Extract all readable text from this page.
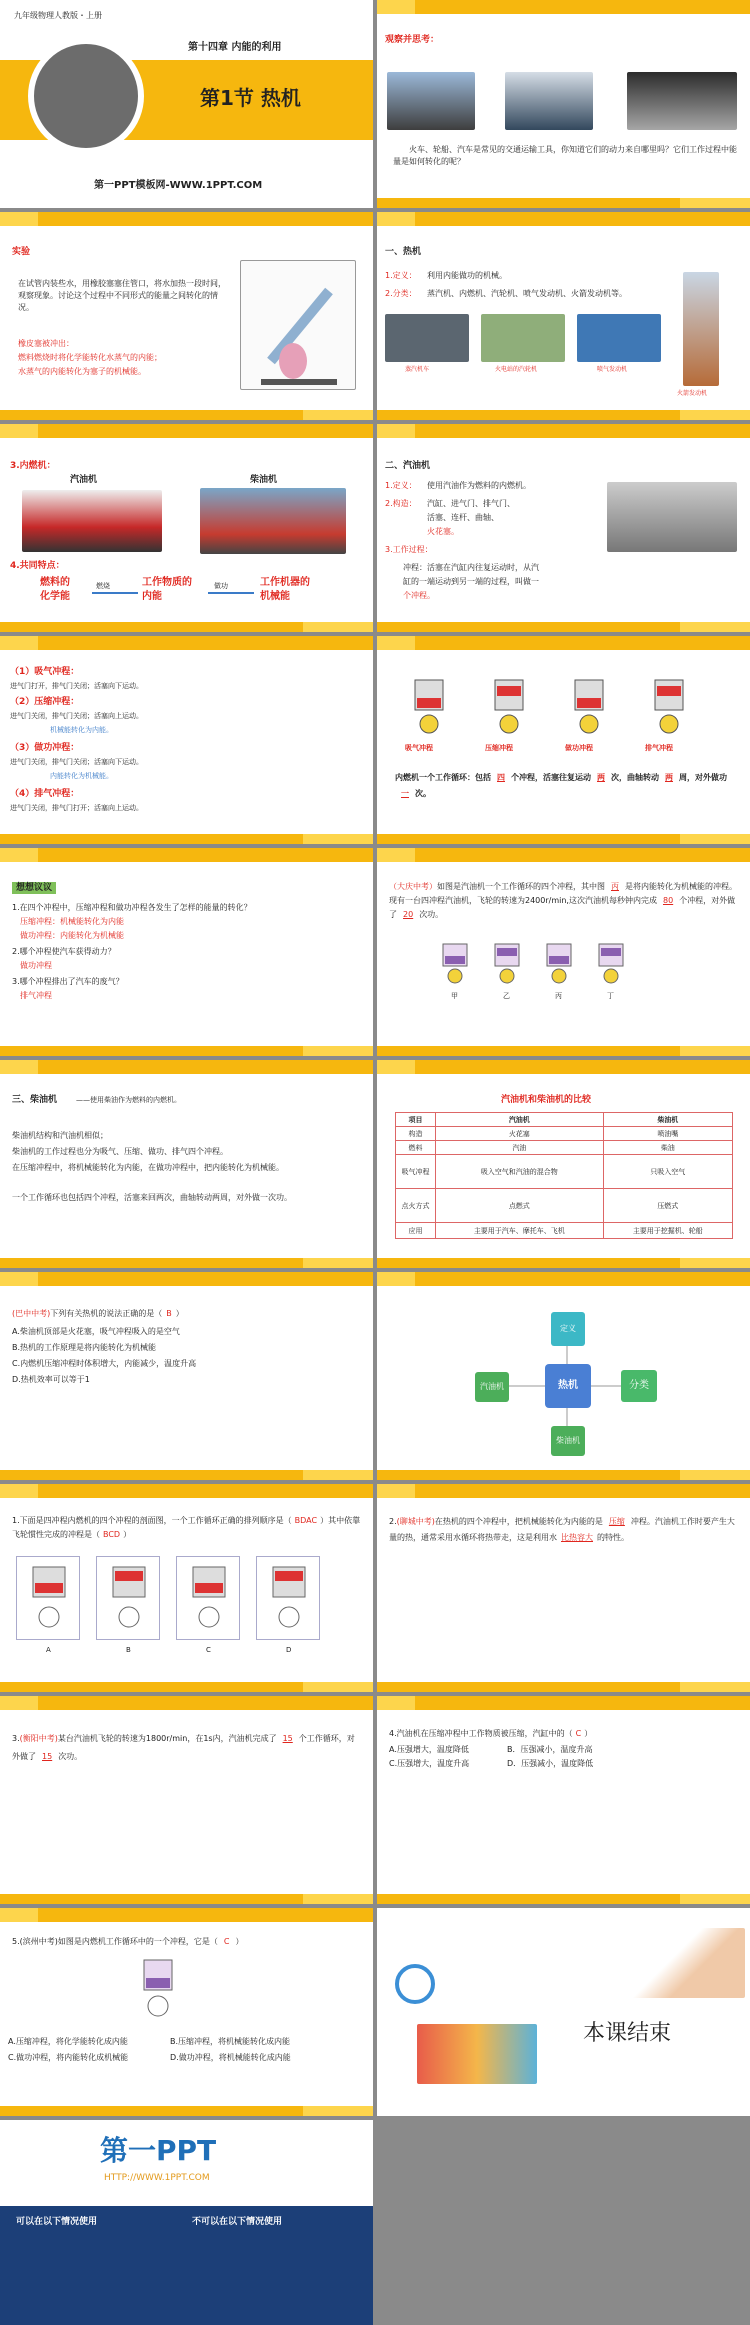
九年级物理人教版・上册
第十四章 内能的利用
第1节 热机
第一PPT模板网-WWW.1PPT.COM
观察并思考：
火车、轮船、汽车是常见的交通运输工具，你知道它们的动力来自哪里吗？它们工作过程中能量是如何转化的呢？
实验
在试管内装些水，用橡胶塞塞住管口，将水加热一段时间，观察现象。讨论这个过程中不同形式的能量之间转化的情况。
橡皮塞被冲出：
燃料燃烧时将化学能转化水蒸气的内能；
水蒸气的内能转化为塞子的机械能。
一、热机
1.定义： 利用内能做功的机械。
2.分类： 蒸汽机、内燃机、汽轮机、喷气发动机、火箭发动机等。
蒸汽机车	火电站的汽轮机	喷气发动机
火箭发动机
3.内燃机：
汽油机	柴油机
4.共同特点：
燃料的
化学能
燃烧	工作物质的
内能
做功	工作机器的
机械能
二、汽油机
1.定义： 使用汽油作为燃料的内燃机。
2.构造： 汽缸、进气门、排气门、
活塞、连杆、曲轴、
火花塞。
3.工作过程：
冲程：活塞在汽缸内往复运动时，从汽
缸的一端运动到另一端的过程，叫做一
个冲程。
（1）吸气冲程：
进气门打开，排气门关闭；活塞向下运动。
（2）压缩冲程：
进气门关闭，排气门关闭；活塞向上运动。
机械能转化为内能。
（3）做功冲程：
进气门关闭，排气门关闭；活塞向下运动。
内能转化为机械能。
（4）排气冲程：
进气门关闭，排气门打开；活塞向上运动。
吸气冲程	压缩冲程	做功冲程	排气冲程
内燃机一个工作循环：包括 四 个冲程，活塞往复运动 两 次，曲轴转动 两 周，对外做功一 次。
想想议议
1.在四个冲程中，压缩冲程和做功冲程各发生了怎样的能量的转化？
压缩冲程：机械能转化为内能
做功冲程：内能转化为机械能
2.哪个冲程使汽车获得动力？
做功冲程
3.哪个冲程排出了汽车的废气？
排气冲程
（大庆中考）如图是汽油机一个工作循环的四个冲程，其中图 丙 是将内能转化为机械能的冲程。现有一台四冲程汽油机，飞轮的转速为2400r/min,这次汽油机每秒钟内完成 80 个冲程，对外做了 20 次功。
甲	乙	丙	丁
三、柴油机	——使用柴油作为燃料的内燃机。
柴油机结构和汽油机相似；
柴油机的工作过程也分为吸气、压缩、做功、排气四个冲程。
在压缩冲程中，将机械能转化为内能，在做功冲程中，把内能转化为机械能。
一个工作循环也包括四个冲程，活塞来回两次，曲轴转动两周，对外做一次功。
汽油机和柴油机的比较
项目	汽油机	柴油机
构造	火花塞	喷油嘴
燃料	汽油	柴油
吸气冲程	吸入空气和汽油的混合物	只吸入空气
点火方式	点燃式	压燃式
应用	主要用于汽车、摩托车、飞机	主要用于挖掘机、轮船
(巴中中考)下列有关热机的说法正确的是（ B ）
A.柴油机顶部是火花塞，吸气冲程吸入的是空气
B.热机的工作原理是将内能转化为机械能
C.内燃机压缩冲程时体积增大，内能减少，温度升高
D.热机效率可以等于1
热机
定义
汽油机	分类
柴油机
1.下面是四冲程内燃机的四个冲程的剖面图，一个工作循环正确的排列顺序是（ BDAC ）其中依靠飞轮惯性完成的冲程是（ BCD ）
A	B	C	D
2.(聊城中考)在热机的四个冲程中，把机械能转化为内能的是 压缩 冲程。汽油机工作时要产生大量的热，通常采用水循环将热带走，这是利用水 比热容大 的特性。
3.(衡阳中考)某台汽油机飞轮的转速为1800r/min，在1s内，汽油机完成了 15 个工作循环，对外做了 15 次功。
4.汽油机在压缩冲程中工作物质被压缩，汽缸中的（ C ）
A.压强增大，温度降低	B．压强减小，温度升高
C.压强增大，温度升高	D．压强减小，温度降低
5.(滨州中考)如图是内燃机工作循环中的一个冲程，它是（ C ）
A.压缩冲程，将化学能转化成内能	B.压缩冲程，将机械能转化成内能
C.做功冲程，将内能转化成机械能	D.做功冲程，将机械能转化成内能
本课结束
第一PPT
HTTP://WWW.1PPT.COM
可以在以下情况使用	不可以在以下情况使用
